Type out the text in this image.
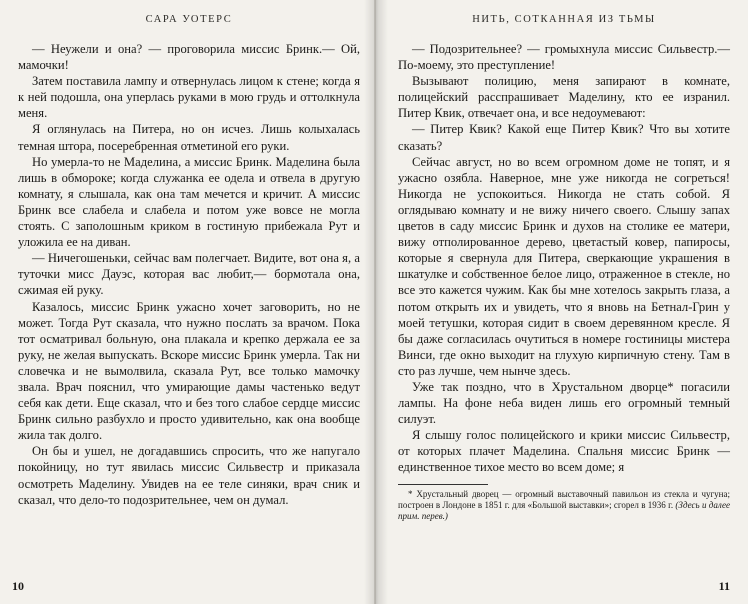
САРА УОТЕРС

— Неужели и она? — проговорила миссис Бринк.— Ой, мамочки!

Затем поставила лампу и отвернулась лицом к стене; когда я к ней подошла, она уперлась руками в мою грудь и оттолкнула меня.

Я оглянулась на Питера, но он исчез. Лишь колыхалась темная штора, посеребренная отметиной его руки.

Но умерла-то не Маделина, а миссис Бринк. Маделина была лишь в обмороке; когда служанка ее одела и отвела в другую комнату, я слышала, как она там мечется и кричит. А миссис Бринк все слабела и слабела и потом уже вовсе не могла стоять. С заполошным криком в гостиную прибежала Рут и уложила ее на диван.

— Ничегошеньки, сейчас вам полегчает. Видите, вот она я, а туточки мисс Дауэс, которая вас любит,— бормотала она, сжимая ей руку.

Казалось, миссис Бринк ужасно хочет заговорить, но не может. Тогда Рут сказала, что нужно послать за врачом. Пока тот осматривал больную, она плакала и крепко держала ее за руку, не желая выпускать. Вскоре миссис Бринк умерла. Так ни словечка и не вымолвила, сказала Рут, все только мамочку звала. Врач пояснил, что умирающие дамы частенько ведут себя как дети. Еще сказал, что и без того слабое сердце миссис Бринк сильно разбухло и просто удивительно, как она вообще жила так долго.

Он бы и ушел, не догадавшись спросить, что же напугало покойницу, но тут явилась миссис Сильвестр и приказала осмотреть Маделину. Увидев на ее теле синяки, врач сник и сказал, что дело-то подозрительнее, чем он думал.

10
НИТЬ, СОТКАННАЯ ИЗ ТЬМЫ

— Подозрительнее? — громыхнула миссис Сильвестр.— По-моему, это преступление!

Вызывают полицию, меня запирают в комнате, полицейский расспрашивает Маделину, кто ее изранил. Питер Квик, отвечает она, и все недоумевают:

— Питер Квик? Какой еще Питер Квик? Что вы хотите сказать?

Сейчас август, но во всем огромном доме не топят, и я ужасно озябла. Наверное, мне уже никогда не согреться! Никогда не успокоиться. Никогда не стать собой. Я оглядываю комнату и не вижу ничего своего. Слышу запах цветов в саду миссис Бринк и духов на столике ее матери, вижу отполированное дерево, цветастый ковер, папиросы, которые я свернула для Питера, сверкающие украшения в шкатулке и собственное белое лицо, отраженное в стекле, но все это кажется чужим. Как бы мне хотелось закрыть глаза, а потом открыть их и увидеть, что я вновь на Бетнал-Грин у моей тетушки, которая сидит в своем деревянном кресле. Я бы даже согласилась очутиться в номере гостиницы мистера Винси, где окно выходит на глухую кирпичную стену. Там в сто раз лучше, чем нынче здесь.

Уже так поздно, что в Хрустальном дворце* погасили лампы. На фоне неба виден лишь его огромный темный силуэт.

Я слышу голос полицейского и крики миссис Сильвестр, от которых плачет Маделина. Спальня миссис Бринк — единственное тихое место во всем доме; я

* Хрустальный дворец — огромный выставочный павильон из стекла и чугуна; построен в Лондоне в 1851 г. для «Большой выставки»; сгорел в 1936 г. (Здесь и далее прим. перев.)

11
